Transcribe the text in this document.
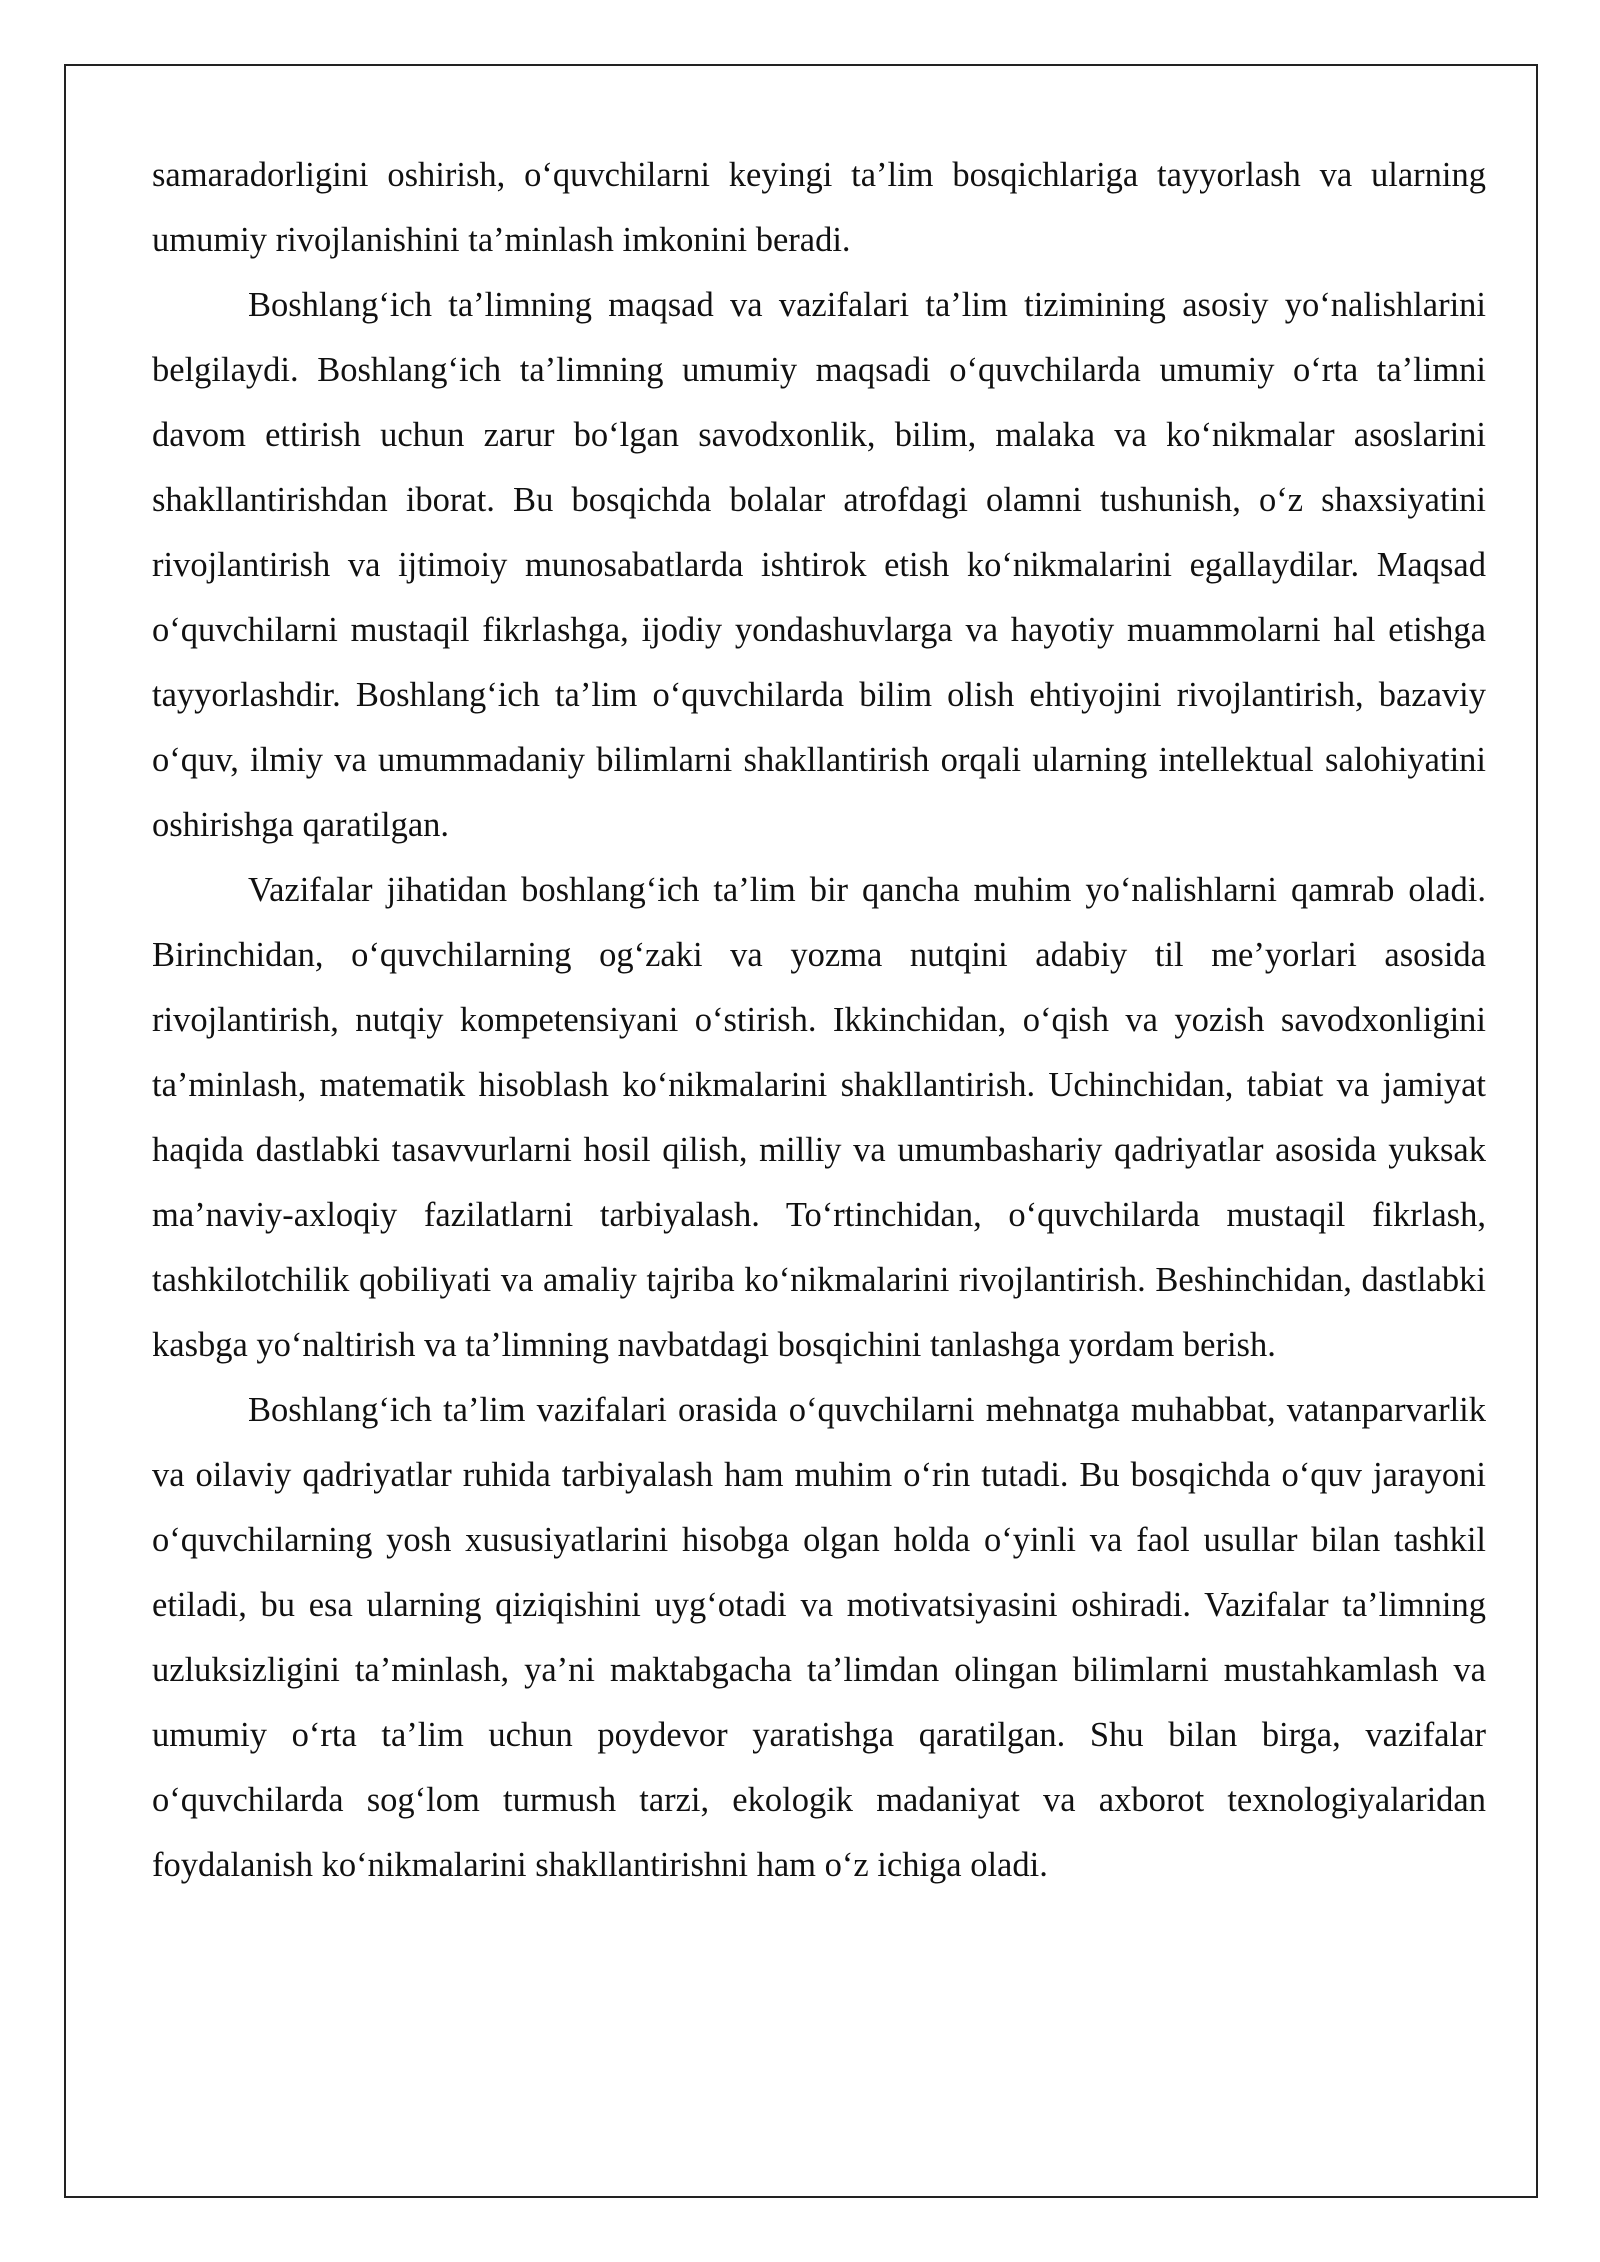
samaradorligini oshirish, o‘quvchilarni keyingi ta’lim bosqichlariga tayyorlash va ularning umumiy rivojlanishini ta’minlash imkonini beradi.

Boshlang‘ich ta’limning maqsad va vazifalari ta’lim tizimining asosiy yo‘nalishlarini belgilaydi. Boshlang‘ich ta’limning umumiy maqsadi o‘quvchilarda umumiy o‘rta ta’limni davom ettirish uchun zarur bo‘lgan savodxonlik, bilim, malaka va ko‘nikmalar asoslarini shakllantirishdan iborat. Bu bosqichda bolalar atrofdagi olamni tushunish, o‘z shaxsiyatini rivojlantirish va ijtimoiy munosabatlarda ishtirok etish ko‘nikmalarini egallaydilar. Maqsad o‘quvchilarni mustaqil fikrlashga, ijodiy yondashuvlarga va hayotiy muammolarni hal etishga tayyorlashdir. Boshlang‘ich ta’lim o‘quvchilarda bilim olish ehtiyojini rivojlantirish, bazaviy o‘quv, ilmiy va umummadaniy bilimlarni shakllantirish orqali ularning intellektual salohiyatini oshirishga qaratilgan.

Vazifalar jihatidan boshlang‘ich ta’lim bir qancha muhim yo‘nalishlarni qamrab oladi. Birinchidan, o‘quvchilarning og‘zaki va yozma nutqini adabiy til me’yorlari asosida rivojlantirish, nutqiy kompetensiyani o‘stirish. Ikkinchidan, o‘qish va yozish savodxonligini ta’minlash, matematik hisoblash ko‘nikmalarini shakllantirish. Uchinchidan, tabiat va jamiyat haqida dastlabki tasavvurlarni hosil qilish, milliy va umumbashariy qadriyatlar asosida yuksak ma’naviy-axloqiy fazilatlarni tarbiyalash. To‘rtinchidan, o‘quvchilarda mustaqil fikrlash, tashkilotchilik qobiliyati va amaliy tajriba ko‘nikmalarini rivojlantirish. Beshinchidan, dastlabki kasbga yo‘naltirish va ta’limning navbatdagi bosqichini tanlashga yordam berish.

Boshlang‘ich ta’lim vazifalari orasida o‘quvchilarni mehnatga muhabbat, vatanparvarlik va oilaviy qadriyatlar ruhida tarbiyalash ham muhim o‘rin tutadi. Bu bosqichda o‘quv jarayoni o‘quvchilarning yosh xususiyatlarini hisobga olgan holda o‘yinli va faol usullar bilan tashkil etiladi, bu esa ularning qiziqishini uyg‘otadi va motivatsiyasini oshiradi. Vazifalar ta’limning uzluksizligini ta’minlash, ya’ni maktabgacha ta’limdan olingan bilimlarni mustahkamlash va umumiy o‘rta ta’lim uchun poydevor yaratishga qaratilgan. Shu bilan birga, vazifalar o‘quvchilarda sog‘lom turmush tarzi, ekologik madaniyat va axborot texnologiyalaridan foydalanish ko‘nikmalarini shakllantirishni ham o‘z ichiga oladi.
